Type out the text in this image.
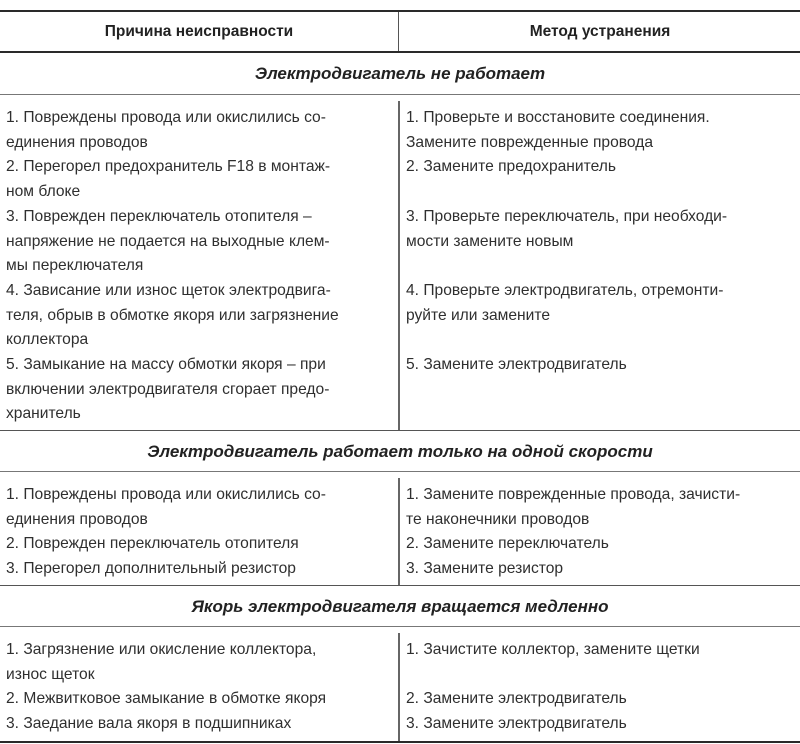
Причина неисправности	Метод устранения
Электродвигатель не работает
1. Повреждены провода или окислились со-
единения проводов
2. Перегорел предохранитель F18 в монтаж-
ном блоке
3. Поврежден переключатель отопителя –
напряжение не подается на выходные клем-
мы переключателя
4. Зависание или износ щеток электродвига-
теля, обрыв в обмотке якоря или загрязнение
коллектора
5. Замыкание на массу обмотки якоря – при
включении электродвигателя сгорает предо-
хранитель
1. Проверьте и восстановите соединения.
Замените поврежденные провода
2. Замените предохранитель
3. Проверьте переключатель, при необходи-
мости замените новым
4. Проверьте электродвигатель, отремонти-
руйте или замените
5. Замените электродвигатель
Электродвигатель работает только на одной скорости
1. Повреждены провода или окислились со-
единения проводов
2. Поврежден переключатель отопителя
3. Перегорел дополнительный резистор
1. Замените поврежденные провода, зачисти-
те наконечники проводов
2. Замените переключатель
3. Замените резистор
Якорь электродвигателя вращается медленно
1. Загрязнение или окисление коллектора,
износ щеток
2. Межвитковое замыкание в обмотке якоря
3. Заедание вала якоря в подшипниках
1. Зачистите коллектор, замените щетки
2. Замените электродвигатель
3. Замените электродвигатель
